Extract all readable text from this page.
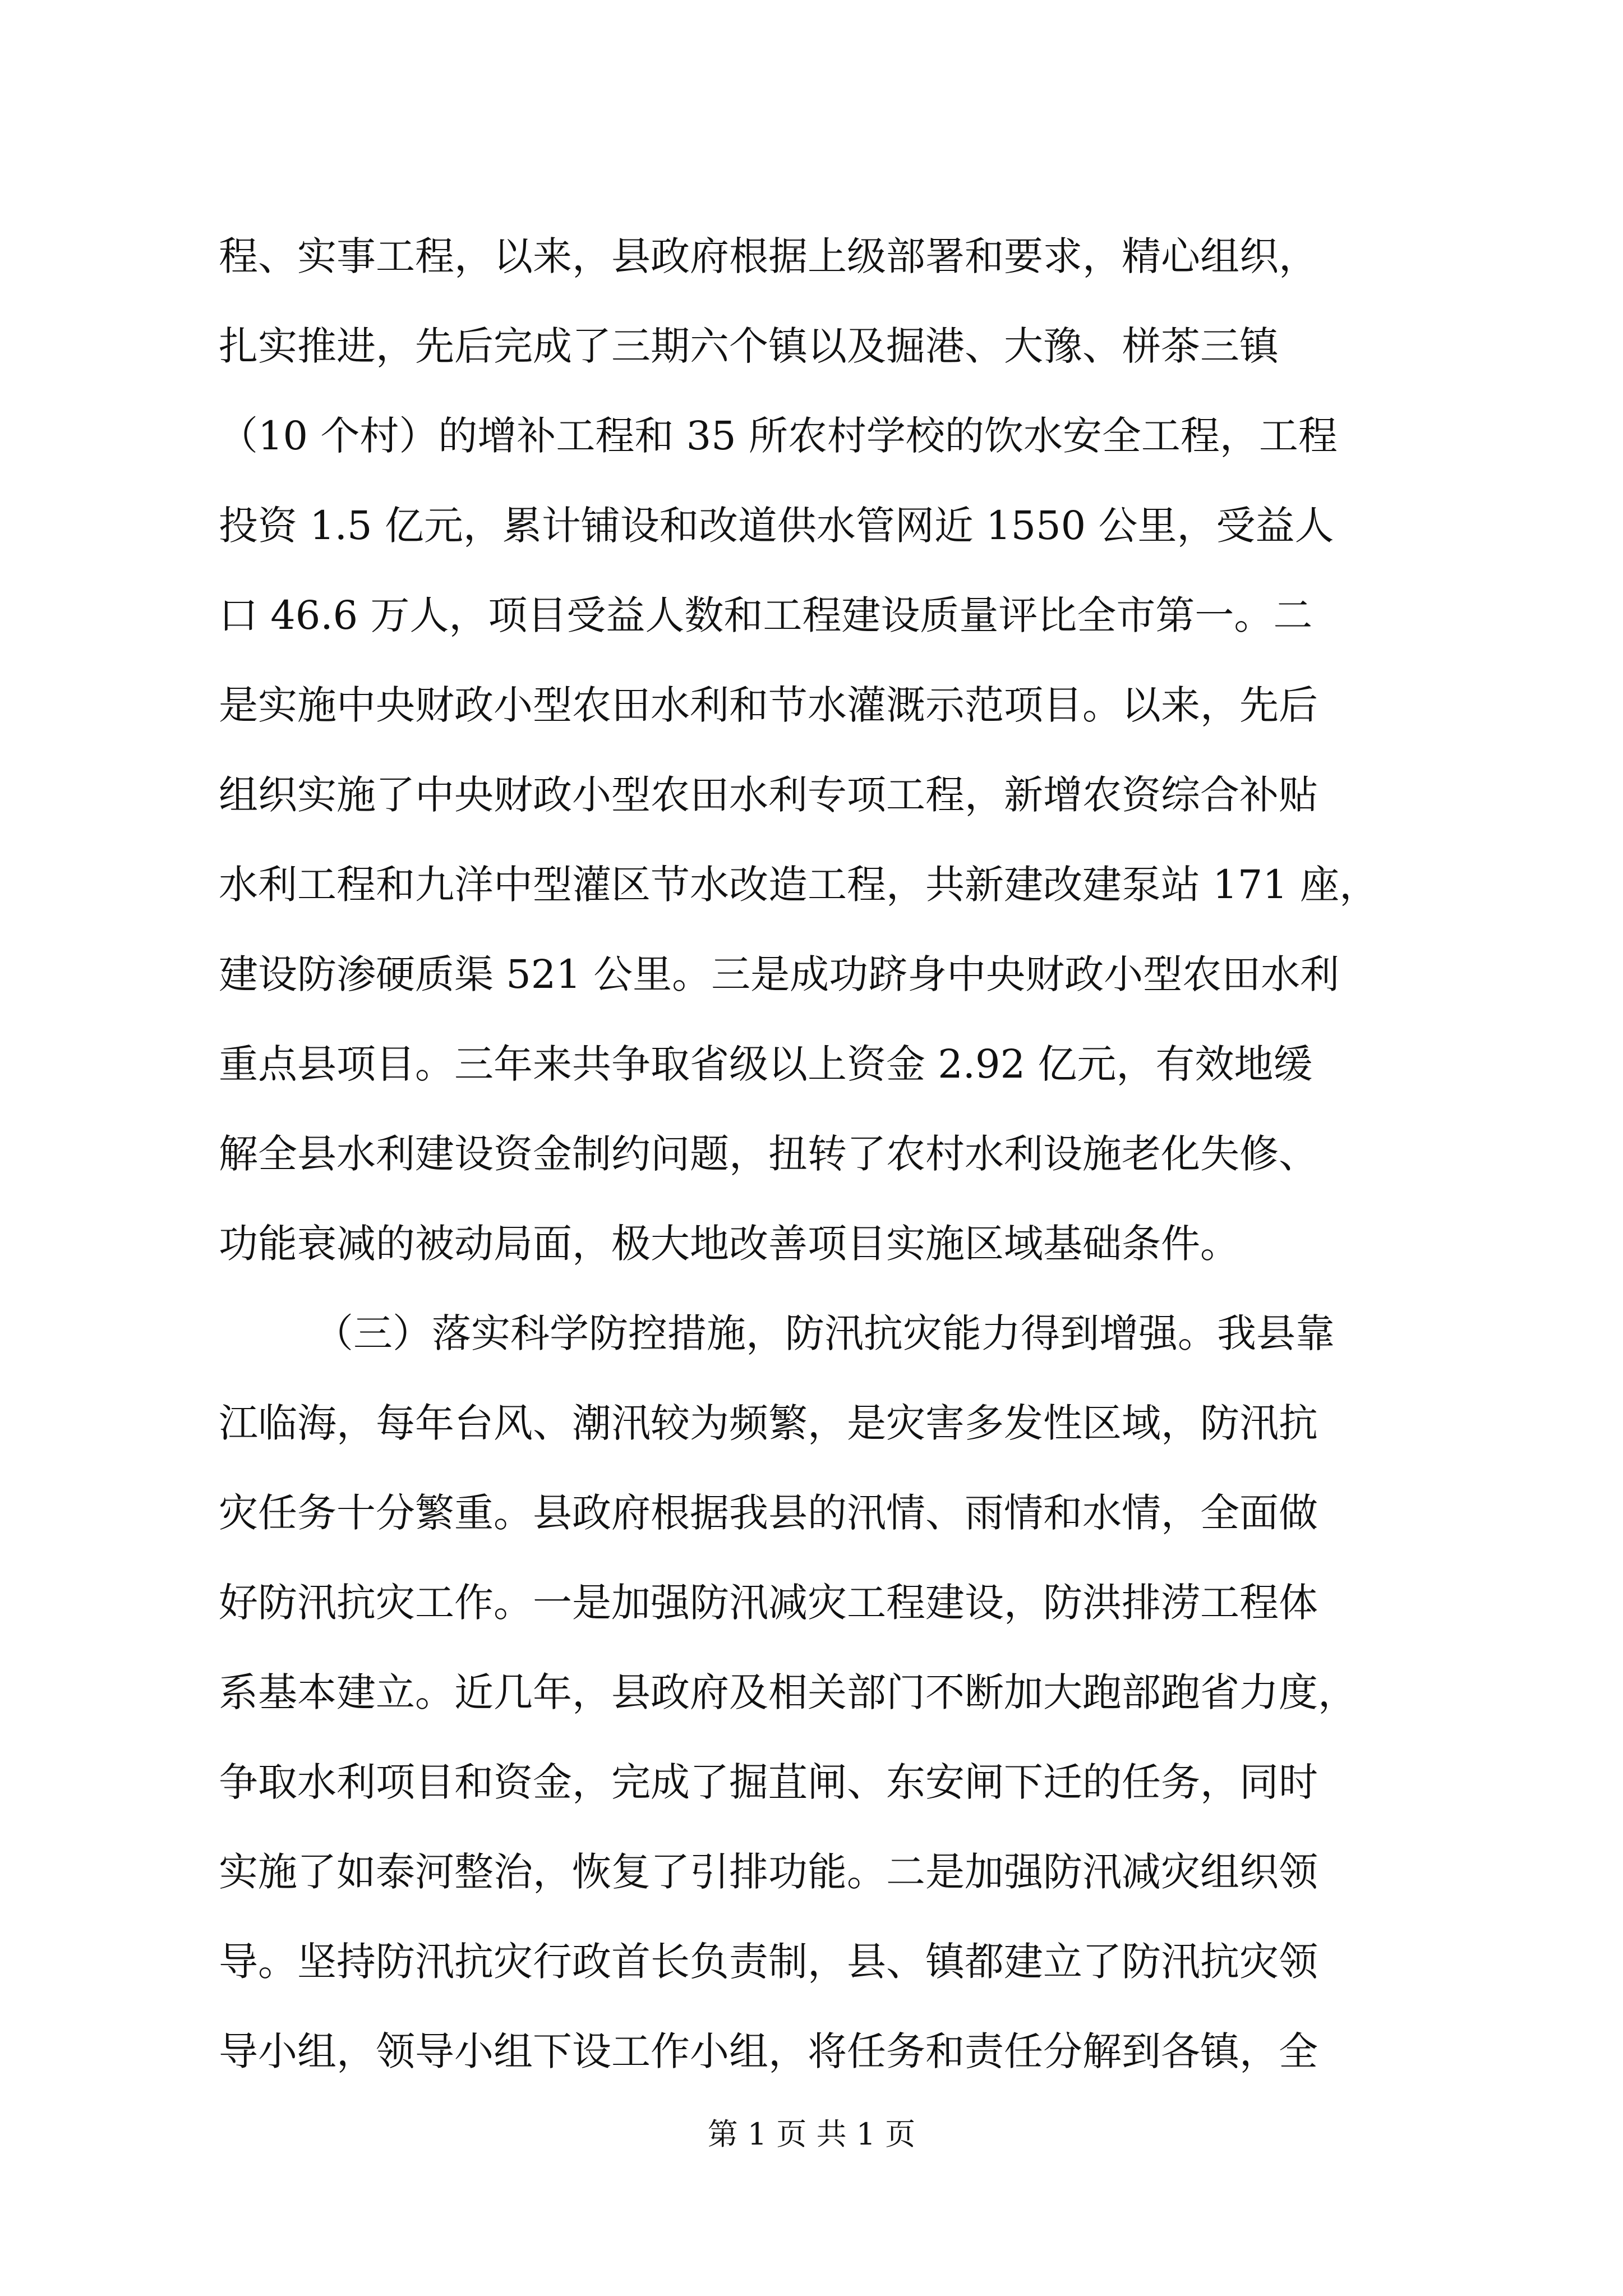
程、实事工程，以来，县政府根据上级部署和要求，精心组织，
扎实推进，先后完成了三期六个镇以及掘港、大豫、栟茶三镇
（10 个村）的增补工程和 35 所农村学校的饮水安全工程，工程
投资 1.5 亿元，累计铺设和改道供水管网近 1550 公里，受益人
口 46.6 万人，项目受益人数和工程建设质量评比全市第一。二
是实施中央财政小型农田水利和节水灌溉示范项目。以来，先后
组织实施了中央财政小型农田水利专项工程，新增农资综合补贴
水利工程和九洋中型灌区节水改造工程，共新建改建泵站 171 座，
建设防渗硬质渠 521 公里。三是成功跻身中央财政小型农田水利
重点县项目。三年来共争取省级以上资金 2.92 亿元，有效地缓
解全县水利建设资金制约问题，扭转了农村水利设施老化失修、
功能衰减的被动局面，极大地改善项目实施区域基础条件。
（三）落实科学防控措施，防汛抗灾能力得到增强。我县靠
江临海，每年台风、潮汛较为频繁，是灾害多发性区域，防汛抗
灾任务十分繁重。县政府根据我县的汛情、雨情和水情，全面做
好防汛抗灾工作。一是加强防汛减灾工程建设，防洪排涝工程体
系基本建立。近几年，县政府及相关部门不断加大跑部跑省力度，
争取水利项目和资金，完成了掘苴闸、东安闸下迁的任务，同时
实施了如泰河整治，恢复了引排功能。二是加强防汛减灾组织领
导。坚持防汛抗灾行政首长负责制，县、镇都建立了防汛抗灾领
第 1 页 共 1 页
导小组，领导小组下设工作小组，将任务和责任分解到各镇，全
